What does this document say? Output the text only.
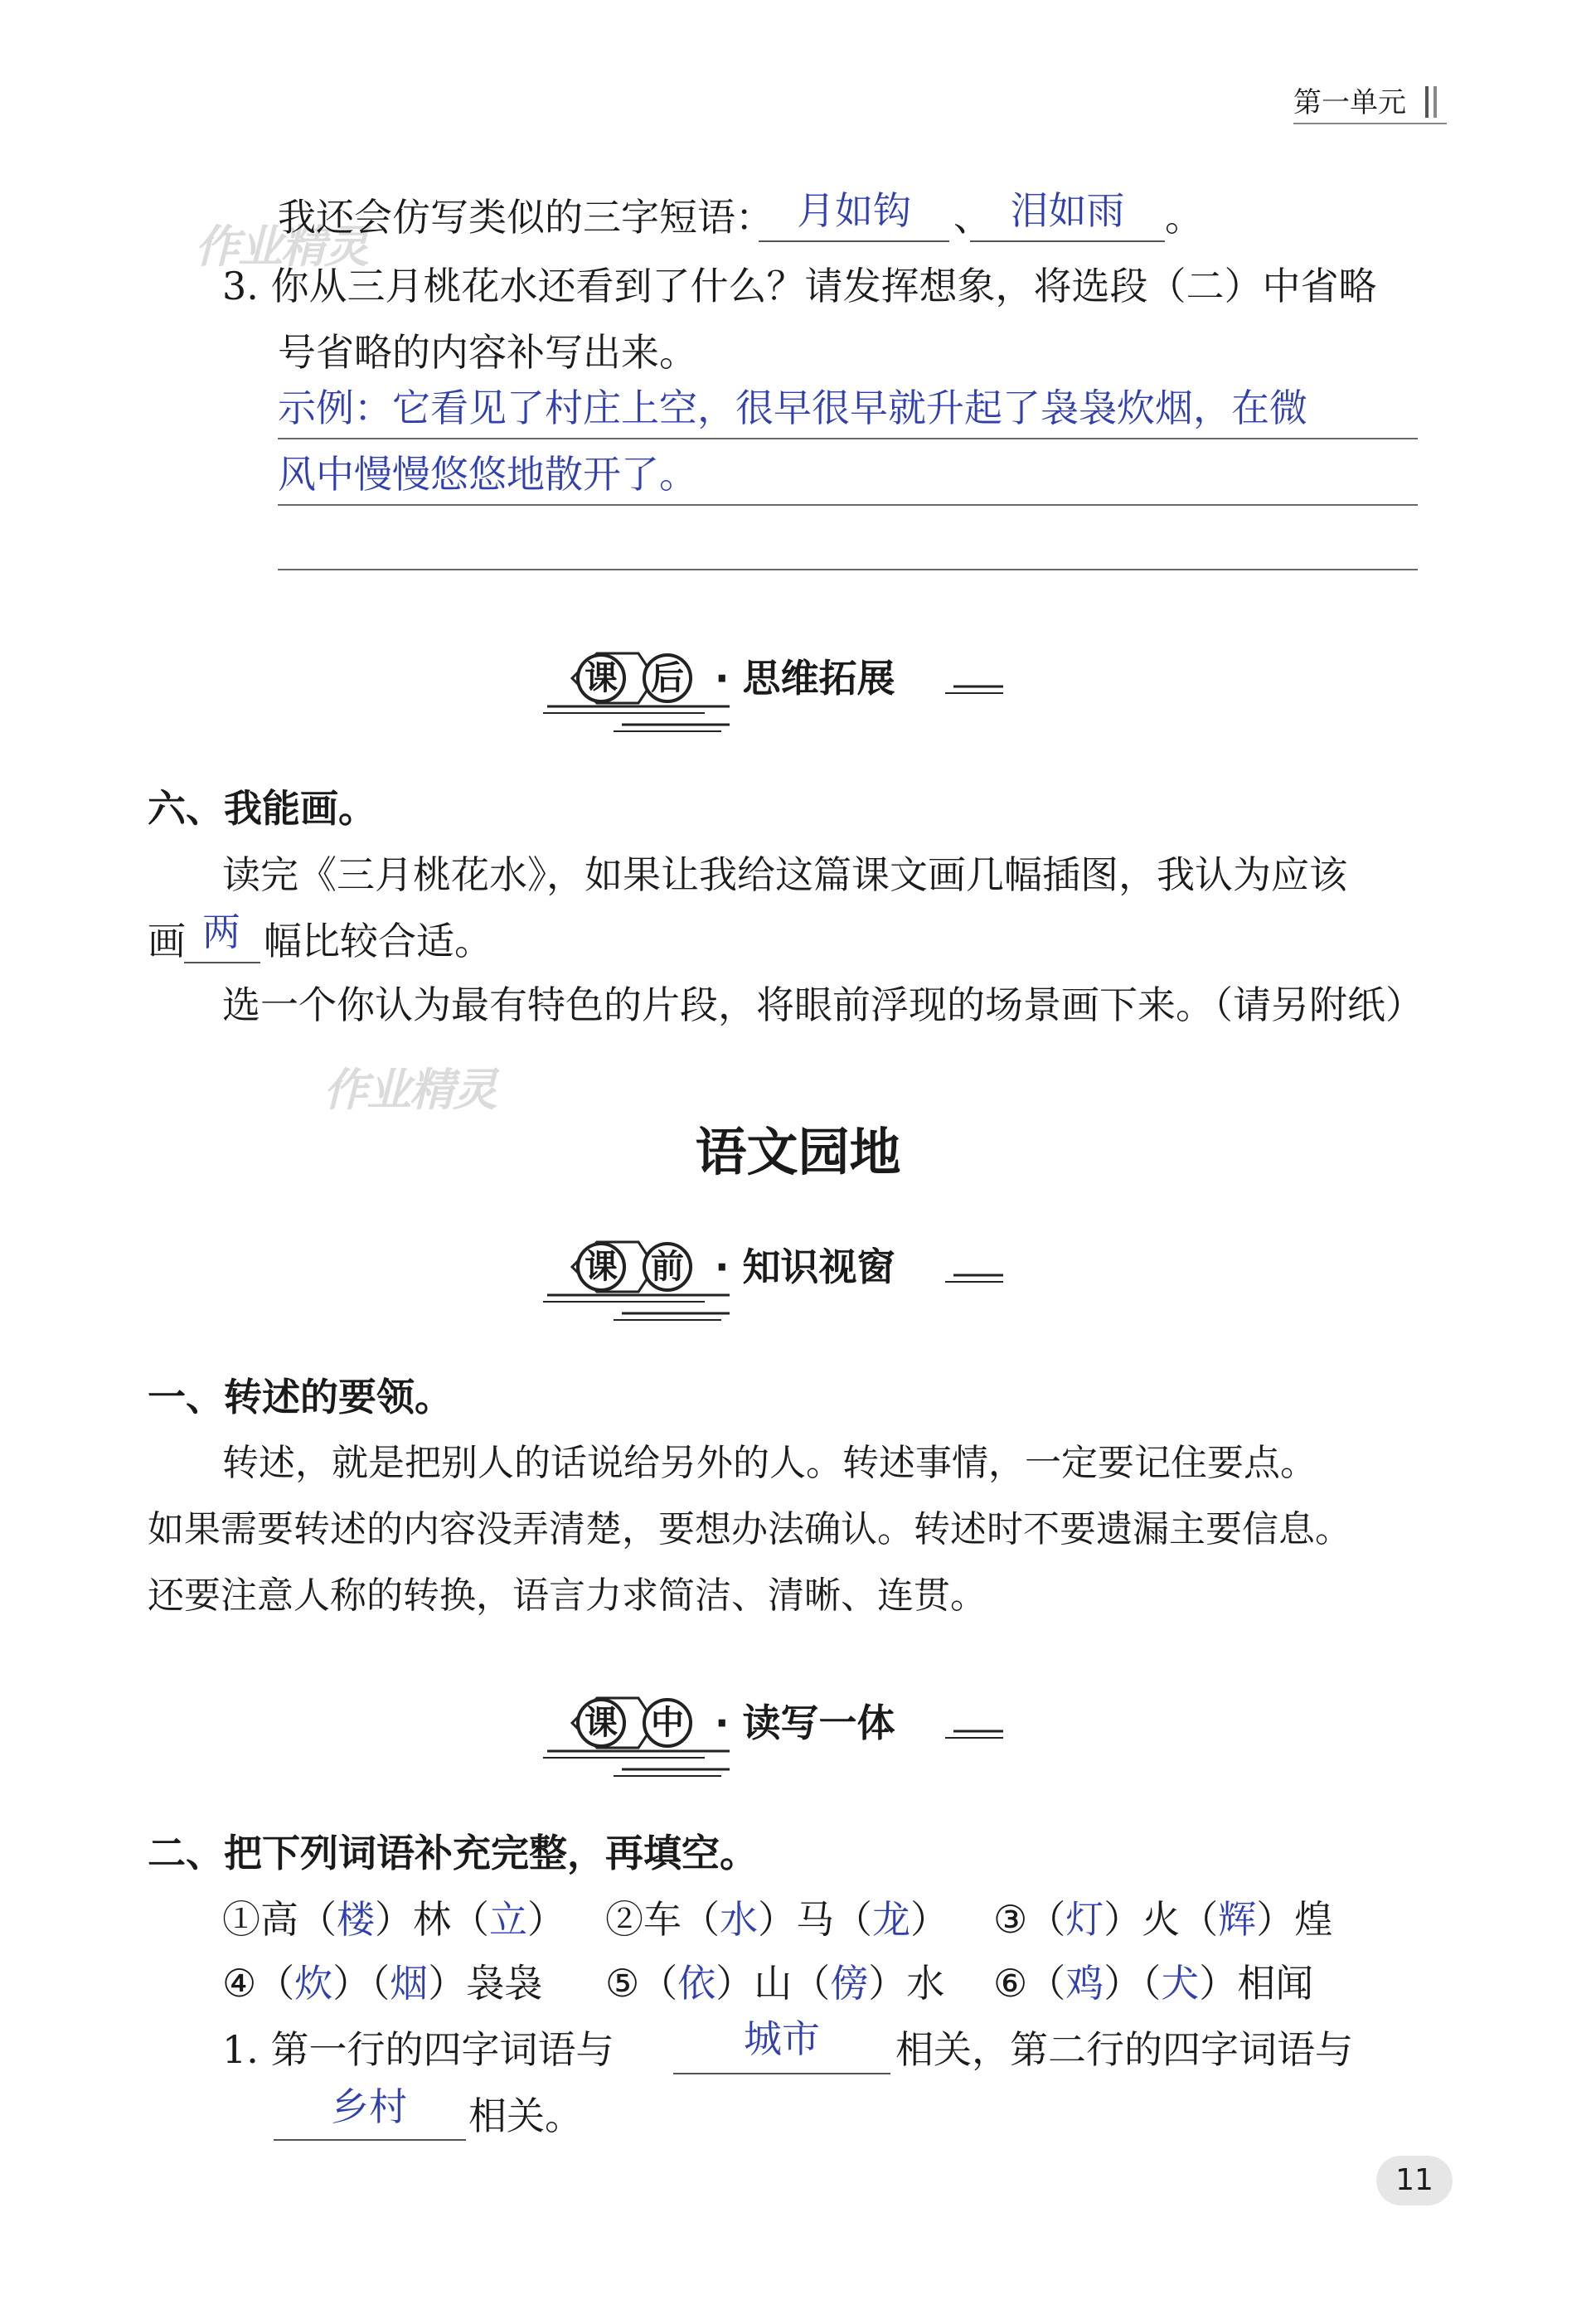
第一单元
作业精灵
我还会仿写类似的三字短语： 月如钩	、 泪如雨	。
3. 你从三月桃花水还看到了什么？请发挥想象，将选段（二）中省略
号省略的内容补写出来。
示例：它看见了村庄上空，很早很早就升起了袅袅炊烟，在微
风中慢慢悠悠地散开了。
课 后 · 思维拓展
六、我能画。
读完《三月桃花水》，如果让我给这篇课文画几幅插图，我认为应该
画 两 幅比较合适。
选一个你认为最有特色的片段，将眼前浮现的场景画下来。（请另附纸）
作业精灵
语文园地
课 前 · 知识视窗
一、转述的要领。
转述，就是把别人的话说给另外的人。转述事情，一定要记住要点。
如果需要转述的内容没弄清楚，要想办法确认。转述时不要遗漏主要信息。
还要注意人称的转换，语言力求简洁、清晰、连贯。
课 中 · 读写一体
二、把下列词语补充完整，再填空。
①高（楼）林（立） ②车（水）马（龙） ③（灯）火（辉）煌
④（炊）（烟）袅袅 ⑤（依）山（傍）水 ⑥（鸡）（犬）相闻
1. 第一行的四字词语与	城市	相关，第二行的四字词语与
乡村	相关。
11
